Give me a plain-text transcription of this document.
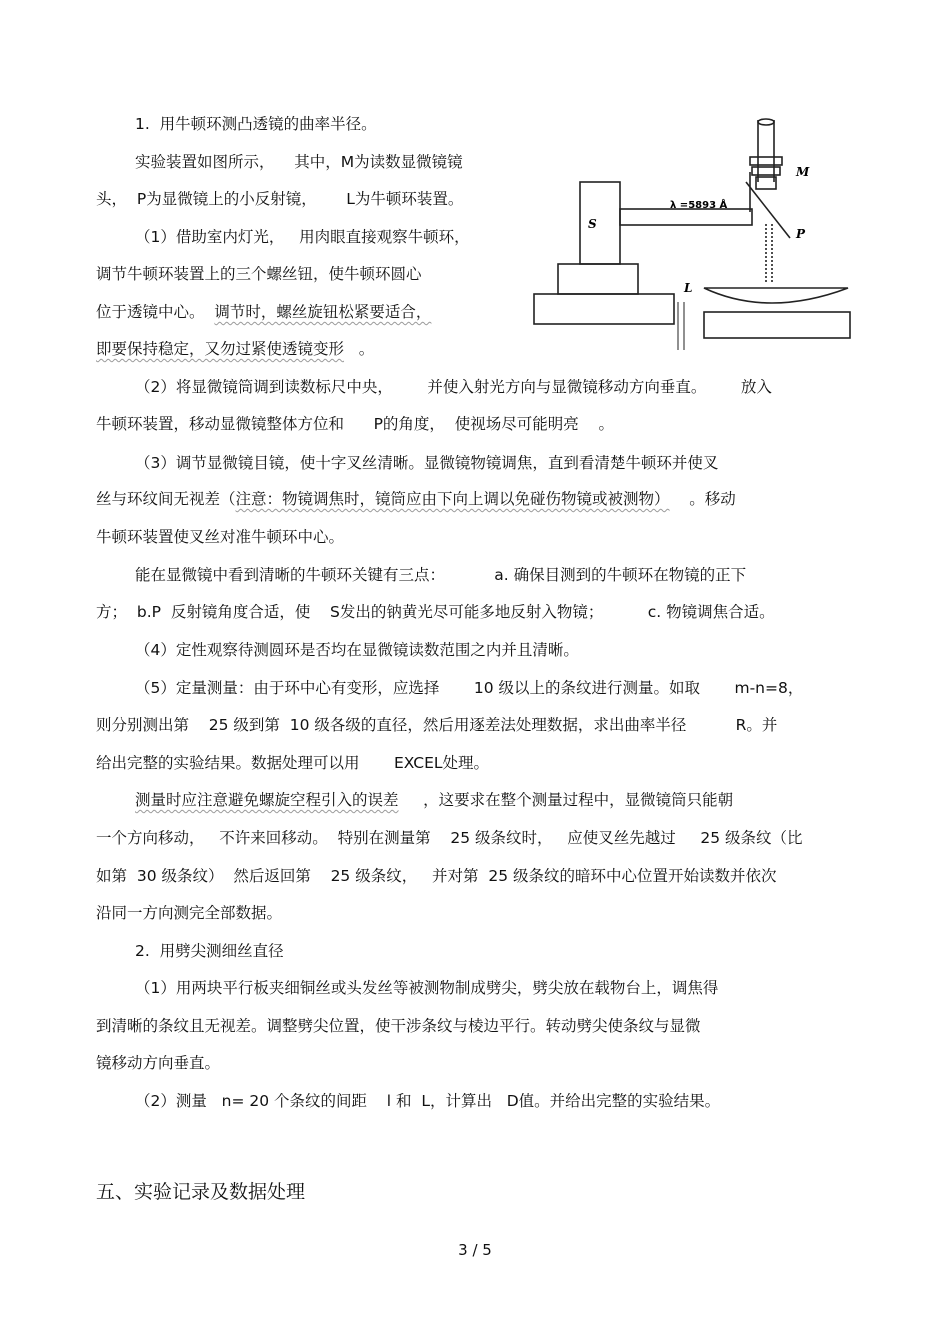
1.  用牛顿环测凸透镜的曲率半径。
实验装置如图所示，    其中，M为读数显微镜镜
头，  P为显微镜上的小反射镜，      L为牛顿环装置。
（1）借助室内灯光，   用肉眼直接观察牛顿环，
调节牛顿环装置上的三个螺丝钮，使牛顿环圆心
位于透镜中心。  调节时，螺丝旋钮松紧要适合，
即要保持稳定，又勿过紧使透镜变形   。
（2）将显微镜筒调到读数标尺中央，       并使入射光方向与显微镜移动方向垂直。       放入
牛顿环装置，移动显微镜整体方位和      P的角度，  使视场尽可能明亮    。
（3）调节显微镜目镜，使十字叉丝清晰。显微镜物镜调焦，直到看清楚牛顿环并使叉
丝与环纹间无视差（注意：物镜调焦时，镜筒应由下向上调以免碰伤物镜或被测物）    。移动
牛顿环装置使叉丝对准牛顿环中心。
能在显微镜中看到清晰的牛顿环关键有三点：          a. 确保目测到的牛顿环在物镜的正下
方；  b.P  反射镜角度合适，使    S发出的钠黄光尽可能多地反射入物镜；         c. 物镜调焦合适。
（4）定性观察待测圆环是否均在显微镜读数范围之内并且清晰。
（5）定量测量：由于环中心有变形，应选择       10 级以上的条纹进行测量。如取       m-n=8，
则分别测出第    25 级到第  10 级各级的直径，然后用逐差法处理数据，求出曲率半径          R。并
给出完整的实验结果。数据处理可以用       EXCEL处理。
测量时应注意避免螺旋空程引入的误差     ，这要求在整个测量过程中，显微镜筒只能朝
一个方向移动，   不许来回移动。  特别在测量第    25 级条纹时，   应使叉丝先越过     25 级条纹（比
如第  30 级条纹）  然后返回第    25 级条纹，   并对第  25 级条纹的暗环中心位置开始读数并依次
沿同一方向测完全部数据。
2.  用劈尖测细丝直径
（1）用两块平行板夹细铜丝或头发丝等被测物制成劈尖，劈尖放在载物台上，调焦得
到清晰的条纹且无视差。调整劈尖位置，使干涉条纹与棱边平行。转动劈尖使条纹与显微
镜移动方向垂直。
（2）测量   n= 20 个条纹的间距    l 和  L，计算出   D值。并给出完整的实验结果。
五、实验记录及数据处理
3 / 5
S
M
P
L
λ =5893 Å
